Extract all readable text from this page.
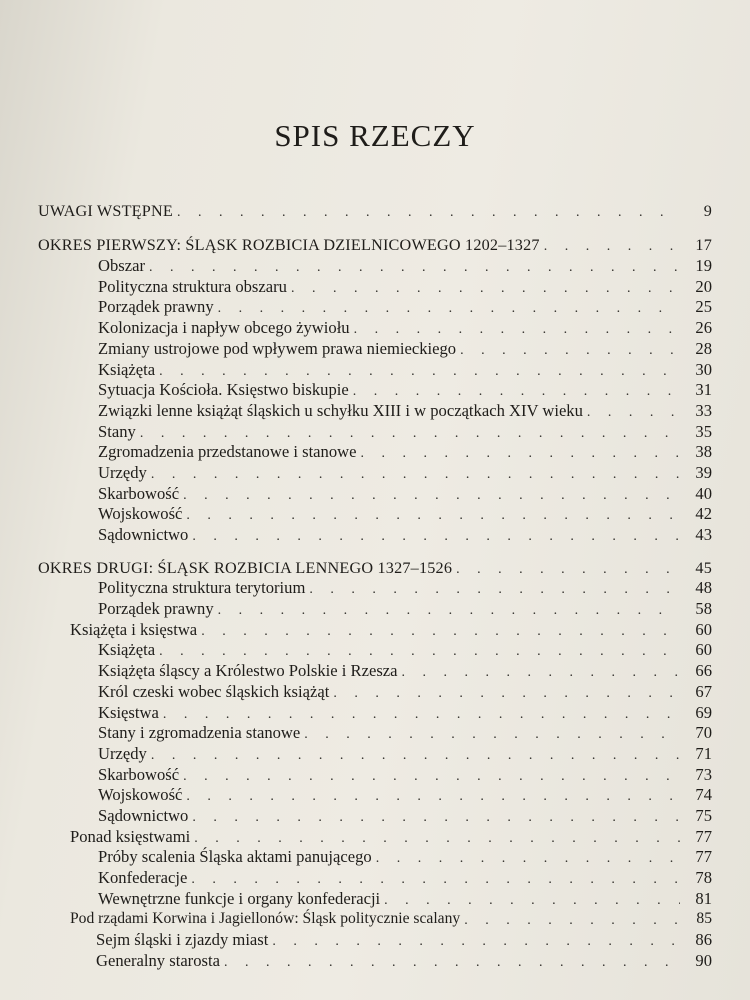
SPIS RZECZY
UWAGI WSTĘPNE . . .	9
OKRES PIERWSZY: ŚLĄSK ROZBICIA DZIELNICOWEGO 1202–1327 . . .	17
Obszar . . .	19
Polityczna struktura obszaru . . .	20
Porządek prawny . . .	25
Kolonizacja i napływ obcego żywiołu . . .	26
Zmiany ustrojowe pod wpływem prawa niemieckiego . . .	28
Książęta . . .	30
Sytuacja Kościoła. Księstwo biskupie . . .	31
Związki lenne książąt śląskich u schyłku XIII i w początkach XIV wieku . . .	33
Stany . . .	35
Zgromadzenia przedstanowe i stanowe . . .	38
Urzędy . . .	39
Skarbowość . . .	40
Wojskowość . . .	42
Sądownictwo . . .	43
OKRES DRUGI: ŚLĄSK ROZBICIA LENNEGO 1327–1526 . . .	45
Polityczna struktura terytorium . . .	48
Porządek prawny . . .	58
Książęta i księstwa . . .	60
Książęta . . .	60
Książęta śląscy a Królestwo Polskie i Rzesza . . .	66
Król czeski wobec śląskich książąt . . .	67
Księstwa . . .	69
Stany i zgromadzenia stanowe . . .	70
Urzędy . . .	71
Skarbowość . . .	73
Wojskowość . . .	74
Sądownictwo . . .	75
Ponad księstwami . . .	77
Próby scalenia Śląska aktami panującego . . .	77
Konfederacje . . .	78
Wewnętrzne funkcje i organy konfederacji . . .	81
Pod rządami Korwina i Jagiellonów: Śląsk politycznie scalany . . .	85
Sejm śląski i zjazdy miast . . .	86
Generalny starosta . . .	90
